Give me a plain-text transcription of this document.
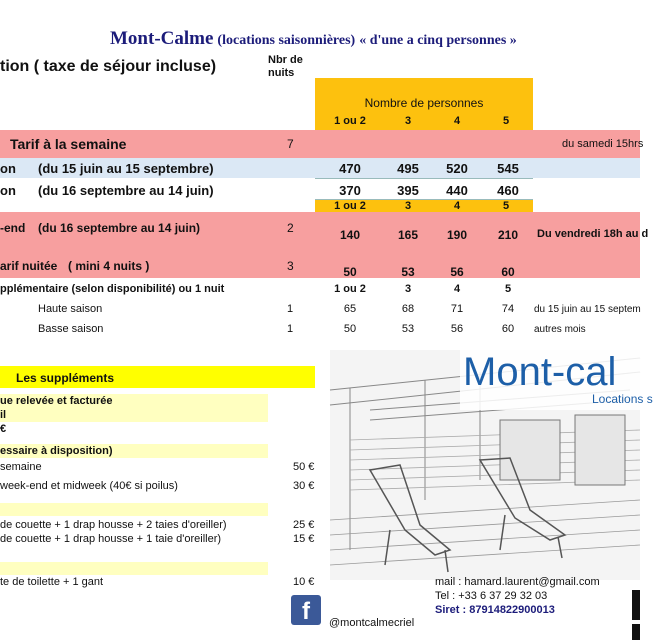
Mont-Calme (locations saisonnières) « d'une a cinq personnes »
tion ( taxe de séjour incluse)	Nbr de
nuits
Nombre de personnes
1 ou 2	3	4	5
Tarif à la semaine	7	du samedi 15hrs
on (du 15 juin au 15 septembre)	470	495	520	545
on (du 16 septembre au 14 juin)	370	395	440	460
1 ou 2	3	4	5
-end (du 16 septembre au 14 juin)	2	140	165	190	210	Du vendredi 18h au d
arif nuitée ( mini 4 nuits )	3	50	53	56	60
pplémentaire (selon disponibilité) ou 1 nuit	1 ou 2	3	4	5
Haute saison	1	65	68	71	74	du 15 juin au 15 septem
Basse saison	1	50	53	56	60	autres mois
Les suppléments
ue relevée et facturée
il
€
essaire à disposition)
semaine	50 €
week-end et midweek (40€ si poilus)	30 €
de couette + 1 drap housse + 2 taies d'oreiller)	25 €
de couette + 1 drap housse + 1 taie d'oreiller)	15 €
te de toilette + 1 gant	10 €
Mont-cal
Locations s
mail : hamard.laurent@gmail.com
Tel : +33 6 37 29 32 03
Siret : 87914822900013
f	@montcalmecriel
